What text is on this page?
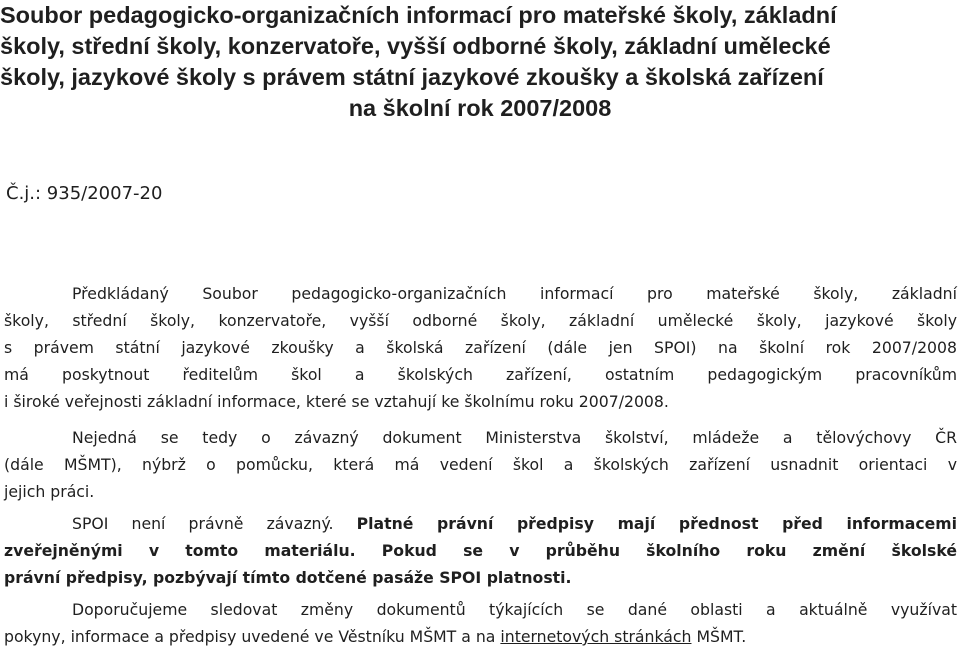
Soubor pedagogicko-organizačních informací pro mateřské školy, základní
školy, střední školy, konzervatoře, vyšší odborné školy, základní umělecké
školy, jazykové školy s právem státní jazykové zkoušky a školská zařízení
na školní rok 2007/2008
Č.j.: 935/2007-20
Předkládaný Soubor pedagogicko-organizačních informací pro mateřské školy, základní
školy, střední školy, konzervatoře, vyšší odborné školy, základní umělecké školy, jazykové školy
s právem státní jazykové zkoušky a školská zařízení (dále jen SPOI) na školní rok 2007/2008
má poskytnout ředitelům škol a školských zařízení, ostatním pedagogickým pracovníkům
i široké veřejnosti základní informace, které se vztahují ke školnímu roku 2007/2008.
Nejedná se tedy o závazný dokument Ministerstva školství, mládeže a tělovýchovy ČR
(dále MŠMT), nýbrž o pomůcku, která má vedení škol a školských zařízení usnadnit orientaci v
jejich práci.
SPOI není právně závazný. Platné právní předpisy mají přednost před informacemi
zveřejněnými v tomto materiálu. Pokud se v průběhu školního roku změní školské
právní předpisy, pozbývají tímto dotčené pasáže SPOI platnosti.
Doporučujeme sledovat změny dokumentů týkajících se dané oblasti a aktuálně využívat
pokyny, informace a předpisy uvedené ve Věstníku MŠMT a na internetových stránkách MŠMT.
